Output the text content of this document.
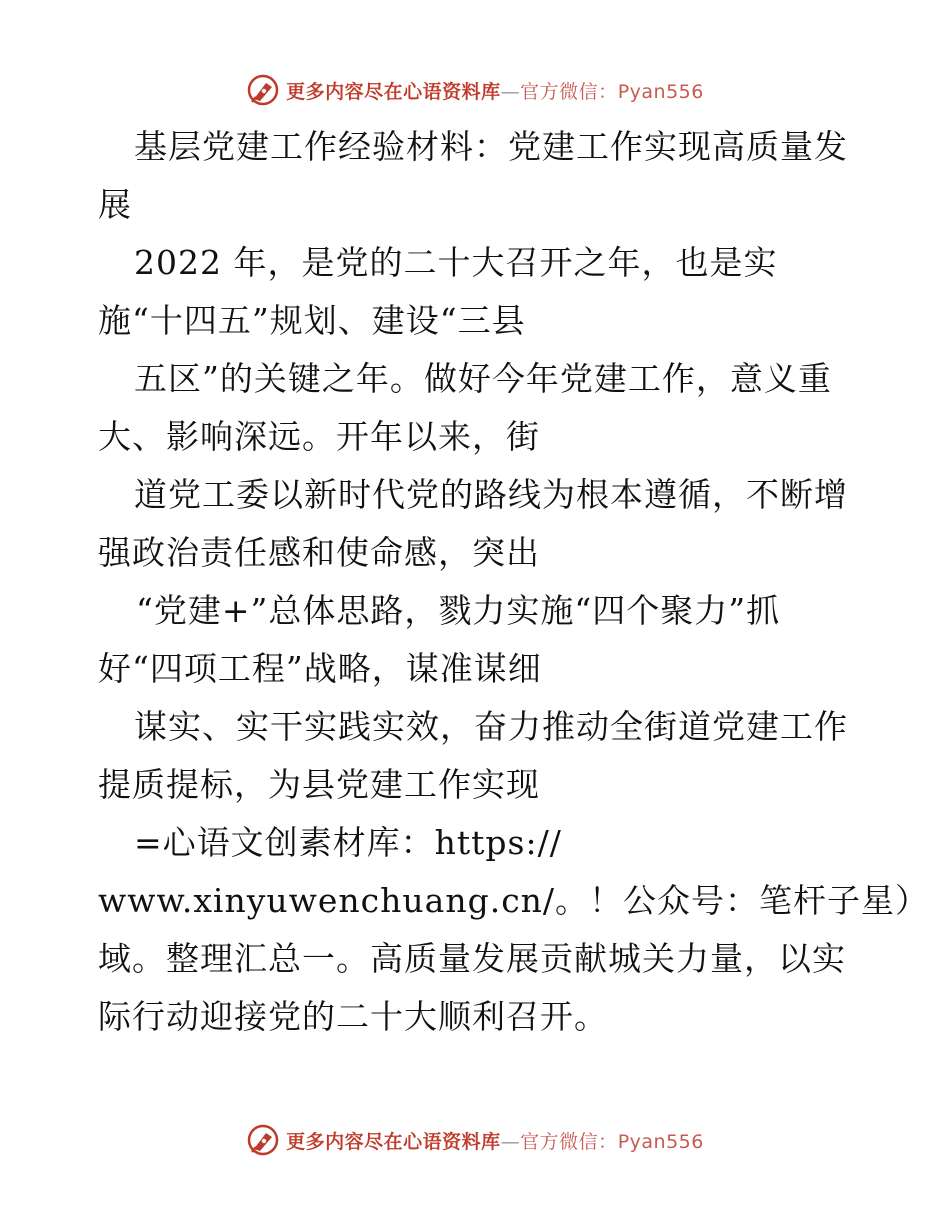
更多内容尽在心语资料库—官方微信：Pyan556
基层党建工作经验材料：党建工作实现高质量发
展
2022 年，是党的二十大召开之年，也是实
施“十四五”规划、建设“三县
五区”的关键之年。做好今年党建工作，意义重
大、影响深远。开年以来，街
道党工委以新时代党的路线为根本遵循，不断增
强政治责任感和使命感，突出
“党建+”总体思路，戮力实施“四个聚力”抓
好“四项工程”战略，谋准谋细
谋实、实干实践实效，奋力推动全街道党建工作
提质提标，为县党建工作实现
=心语文创素材库：https://
www.xinyuwenchuang.cn/。！公众号：笔杆子星）
域。整理汇总一。高质量发展贡献城关力量，以实
际行动迎接党的二十大顺利召开。
更多内容尽在心语资料库—官方微信：Pyan556
